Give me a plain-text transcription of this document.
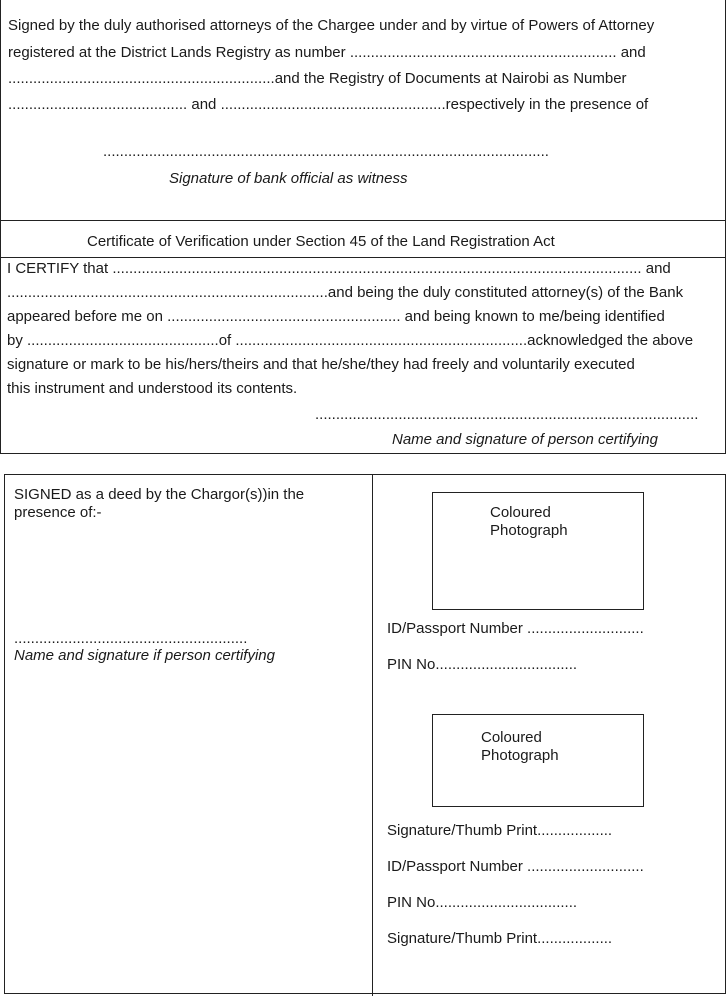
Signed by the duly authorised attorneys of the Chargee under and by virtue of Powers of Attorney
registered at the District Lands Registry as number ................................................................ and
................................................................and the Registry of Documents at Nairobi as Number
........................................... and ......................................................respectively in the presence of
...........................................................................................................
Signature of bank official as witness
Certificate of Verification under Section 45 of the Land Registration Act
I CERTIFY that ............................................................................................................................... and
.............................................................................and being the duly constituted attorney(s) of the Bank
appeared before me on ........................................................ and being known to me/being identified
by ..............................................of ......................................................................acknowledged the above
signature or mark to be his/hers/theirs and that he/she/they had freely and voluntarily executed
this instrument and understood its contents.
............................................................................................
Name and signature of person certifying
SIGNED as a deed by the Chargor(s))in the
presence of:-
........................................................
Name and signature if person certifying
Coloured
Photograph
ID/Passport Number ............................
PIN No..................................
Coloured
Photograph
Signature/Thumb Print..................
ID/Passport Number ............................
PIN No..................................
Signature/Thumb Print..................
